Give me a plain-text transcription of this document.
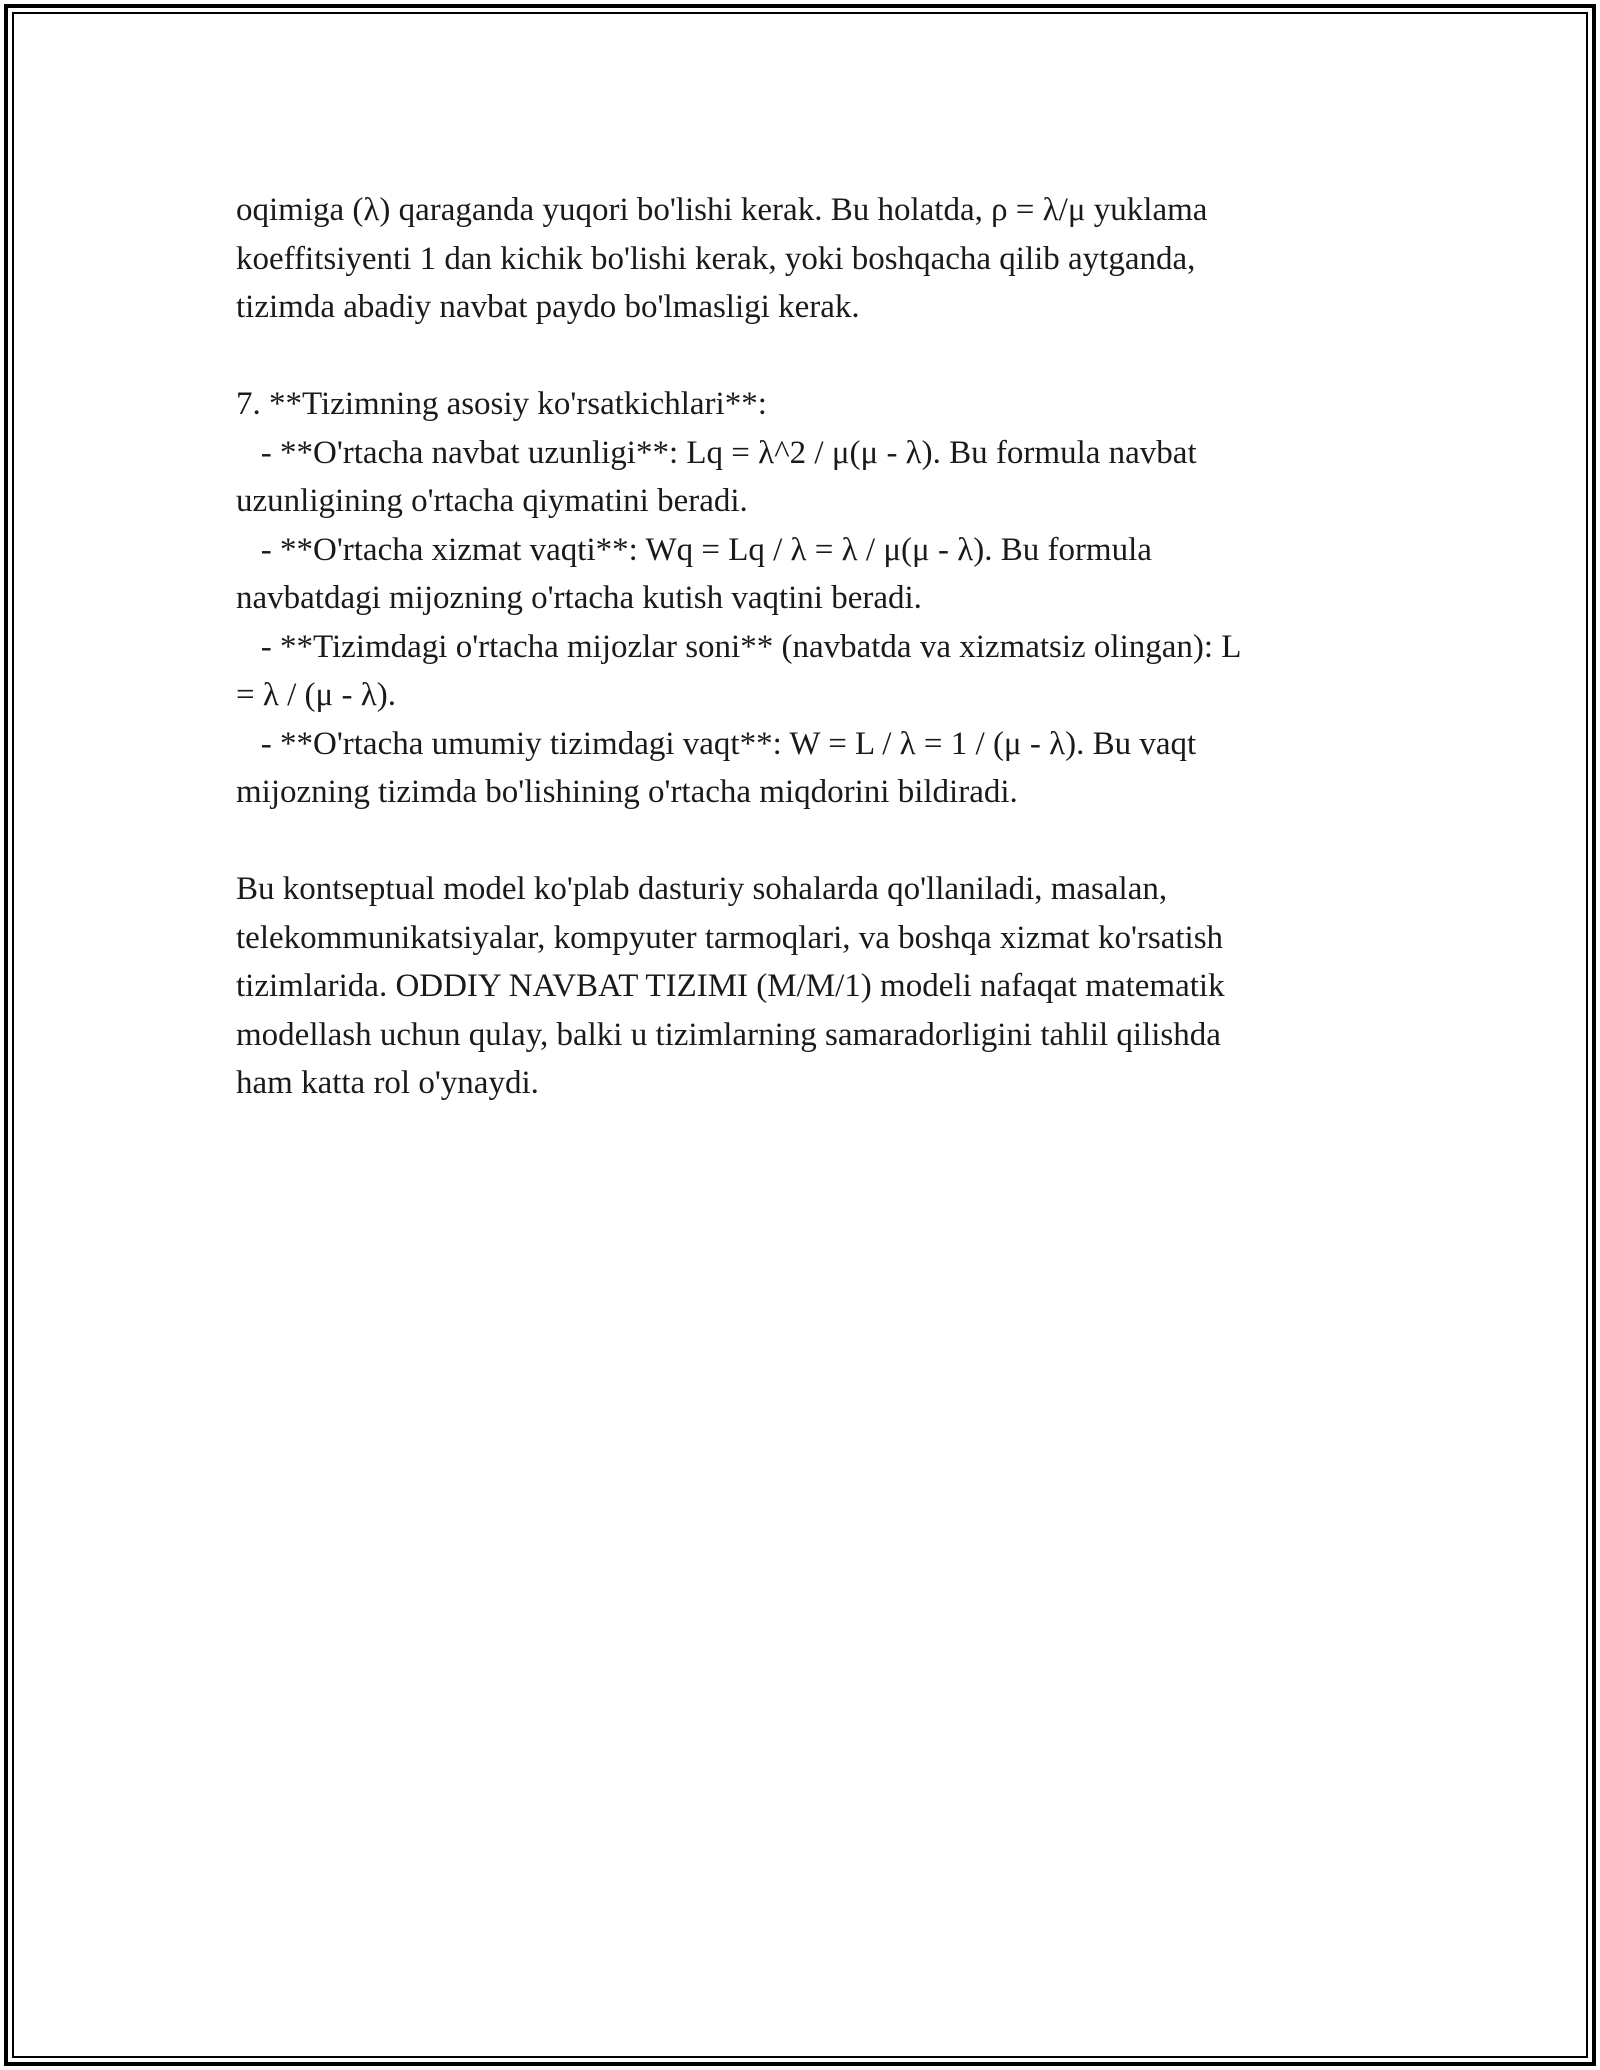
oqimiga (λ) qaraganda yuqori bo'lishi kerak. Bu holatda, ρ = λ/μ yuklama
koeffitsiyenti 1 dan kichik bo'lishi kerak, yoki boshqacha qilib aytganda,
tizimda abadiy navbat paydo bo'lmasligi kerak.
7. **Tizimning asosiy ko'rsatkichlari**:
- **O'rtacha navbat uzunligi**: Lq = λ^2 / μ(μ - λ). Bu formula navbat
uzunligining o'rtacha qiymatini beradi.
- **O'rtacha xizmat vaqti**: Wq = Lq / λ = λ / μ(μ - λ). Bu formula
navbatdagi mijozning o'rtacha kutish vaqtini beradi.
- **Tizimdagi o'rtacha mijozlar soni** (navbatda va xizmatsiz olingan): L
= λ / (μ - λ).
- **O'rtacha umumiy tizimdagi vaqt**: W = L / λ = 1 / (μ - λ). Bu vaqt
mijozning tizimda bo'lishining o'rtacha miqdorini bildiradi.
Bu kontseptual model ko'plab dasturiy sohalarda qo'llaniladi, masalan,
telekommunikatsiyalar, kompyuter tarmoqlari, va boshqa xizmat ko'rsatish
tizimlarida. ODDIY NAVBAT TIZIMI (M/M/1) modeli nafaqat matematik
modellash uchun qulay, balki u tizimlarning samaradorligini tahlil qilishda
ham katta rol o'ynaydi.
